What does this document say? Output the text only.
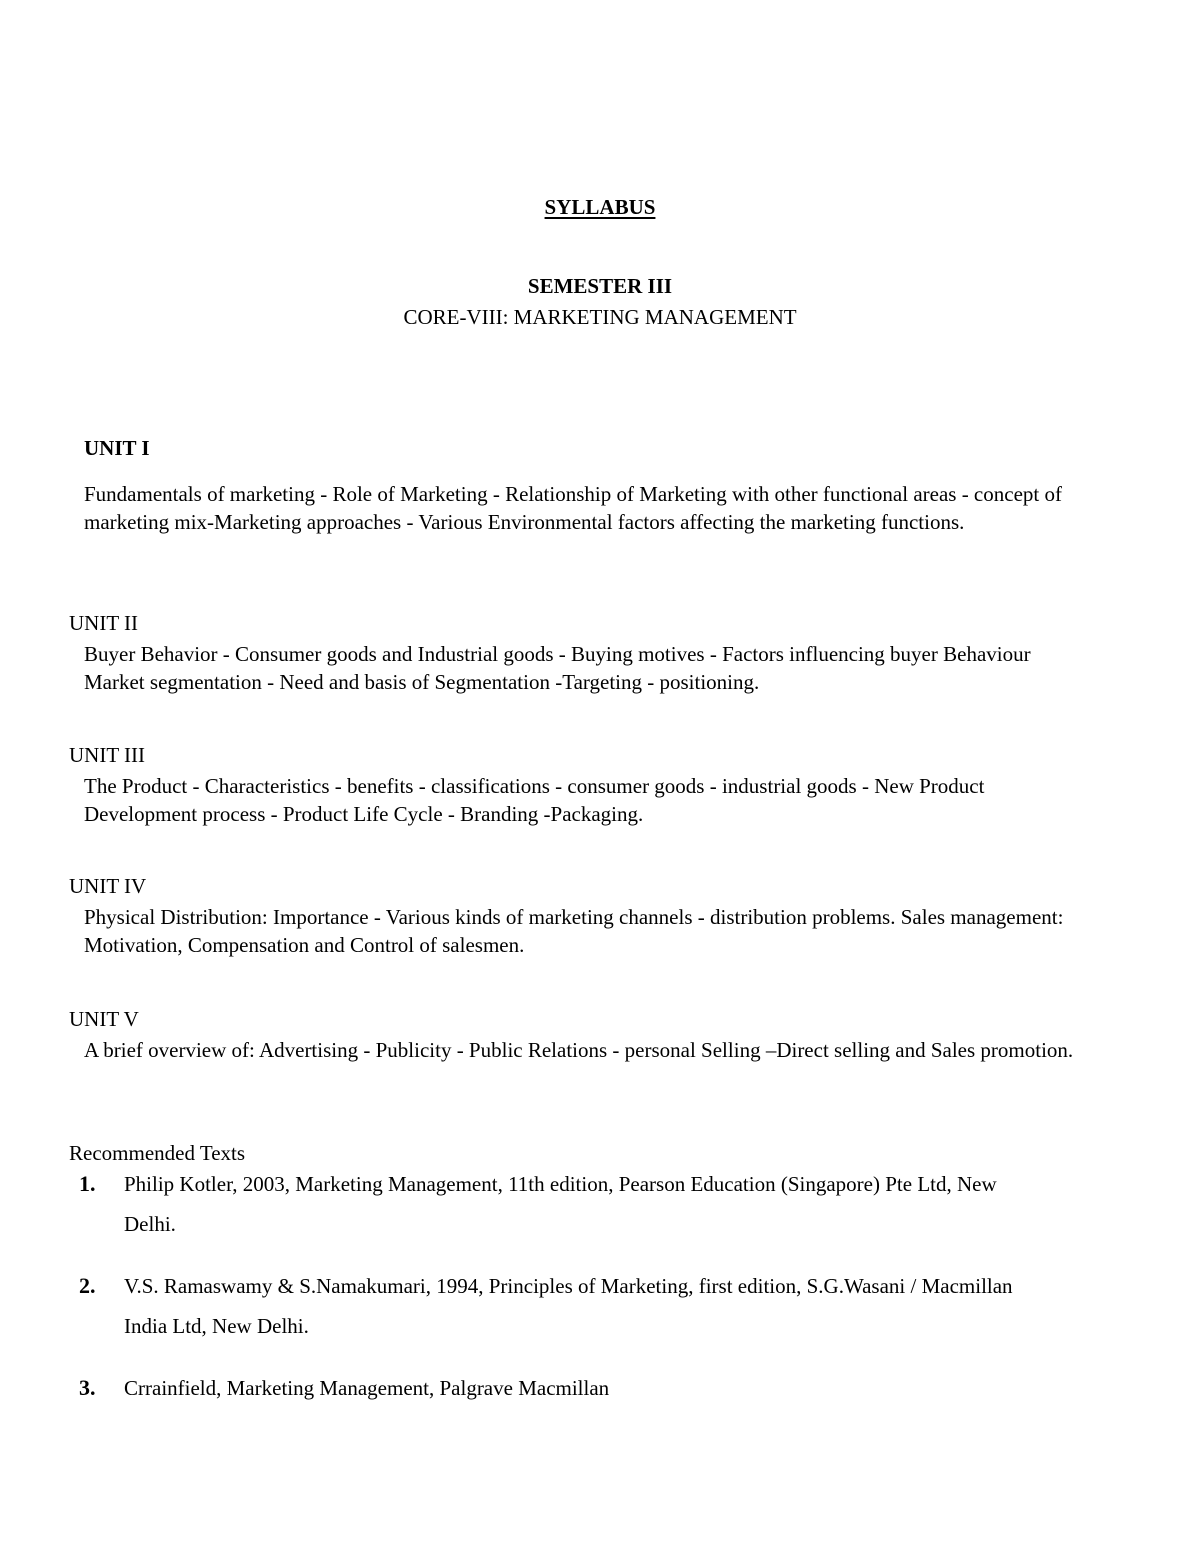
SYLLABUS
SEMESTER III
CORE-VIII: MARKETING MANAGEMENT
UNIT I
Fundamentals of marketing - Role of Marketing - Relationship of Marketing with other functional areas - concept of marketing mix-Marketing approaches - Various Environmental factors affecting the marketing functions.
UNIT II
Buyer Behavior - Consumer goods and Industrial goods - Buying motives - Factors influencing buyer Behaviour Market segmentation - Need and basis of Segmentation -Targeting - positioning.
UNIT III
The Product - Characteristics - benefits - classifications - consumer goods - industrial goods - New Product Development process - Product Life Cycle - Branding -Packaging.
UNIT IV
Physical Distribution: Importance - Various kinds of marketing channels - distribution problems. Sales management: Motivation, Compensation and Control of salesmen.
UNIT V
A brief overview of: Advertising - Publicity - Public Relations - personal Selling –Direct selling and Sales promotion.
Recommended Texts
1. Philip Kotler, 2003, Marketing Management, 11th edition, Pearson Education (Singapore) Pte Ltd, New Delhi.
2. V.S. Ramaswamy & S.Namakumari, 1994, Principles of Marketing, first edition, S.G.Wasani / Macmillan India Ltd, New Delhi.
3. Crrainfield, Marketing Management, Palgrave Macmillan
